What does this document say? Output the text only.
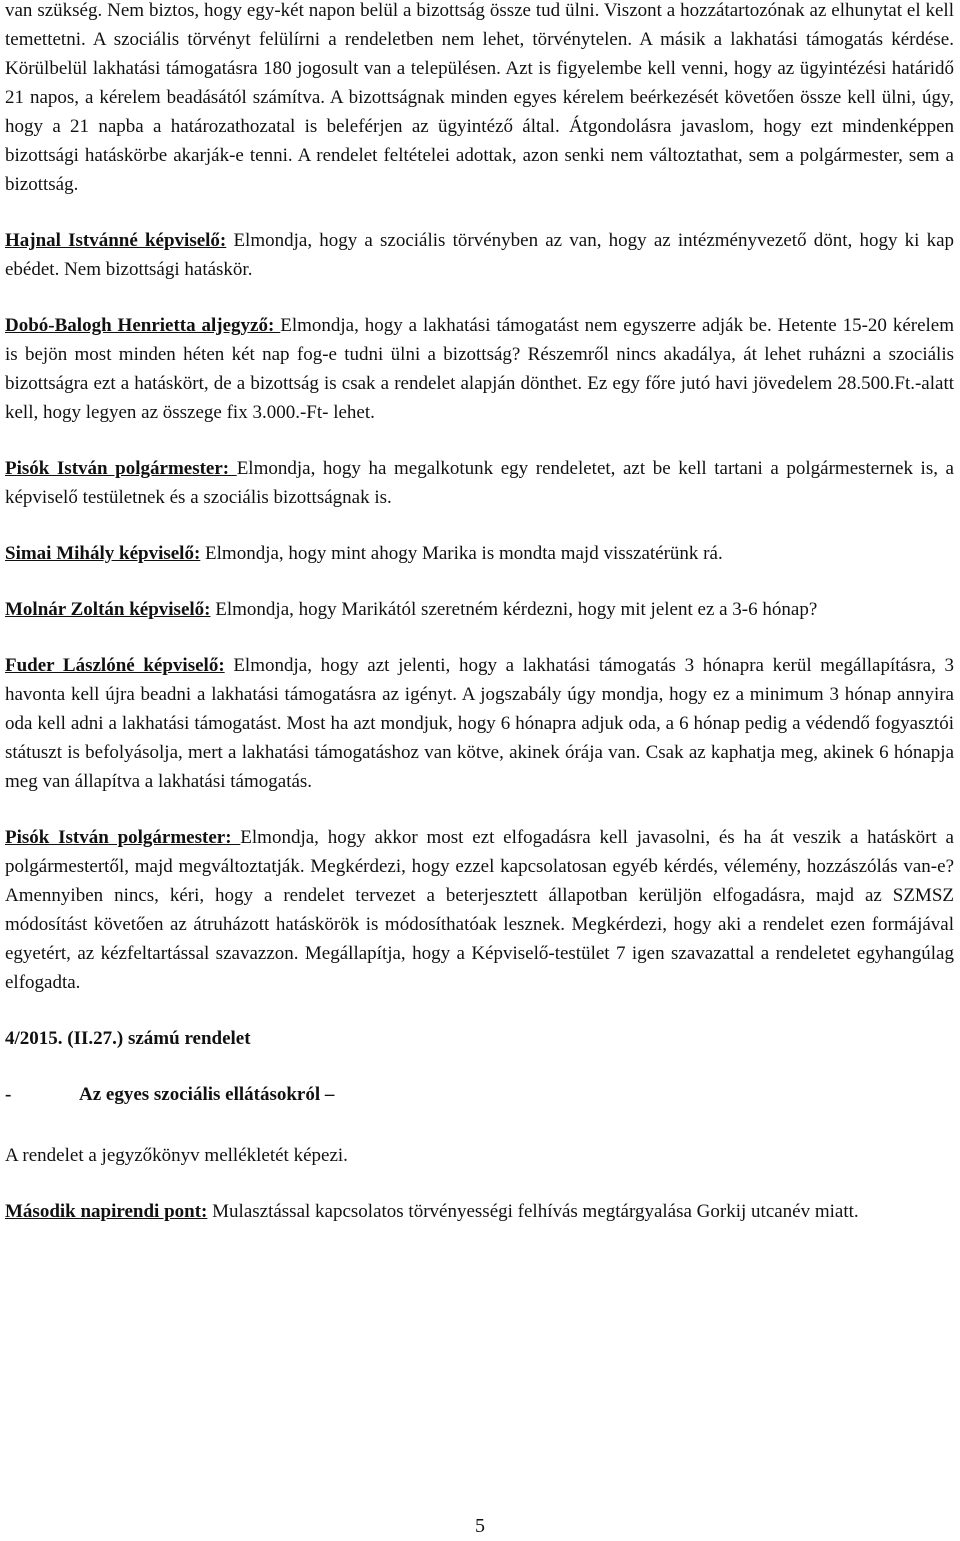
van szükség. Nem biztos, hogy egy-két napon belül a bizottság össze tud ülni. Viszont a hozzátartozónak az elhunytat el kell temettetni. A szociális törvényt felülírni a rendeletben nem lehet, törvénytelen. A másik a lakhatási támogatás kérdése. Körülbelül lakhatási támogatásra 180 jogosult van a településen. Azt is figyelembe kell venni, hogy az ügyintézési határidő 21 napos, a kérelem beadásától számítva. A bizottságnak minden egyes kérelem beérkezését követően össze kell ülni, úgy, hogy a 21 napba a határozathozatal is beleférjen az ügyintéző által. Átgondolásra javaslom, hogy ezt mindenképpen bizottsági hatáskörbe akarják-e tenni. A rendelet feltételei adottak, azon senki nem változtathat, sem a polgármester, sem a bizottság.

Hajnal Istvánné képviselő: Elmondja, hogy a szociális törvényben az van, hogy az intézményvezető dönt, hogy ki kap ebédet. Nem bizottsági hatáskör.

Dobó-Balogh Henrietta aljegyző: Elmondja, hogy a lakhatási támogatást nem egyszerre adják be. Hetente 15-20 kérelem is bejön most minden héten két nap fog-e tudni ülni a bizottság? Részemről nincs akadálya, át lehet ruházni a szociális bizottságra ezt a hatáskört, de a bizottság is csak a rendelet alapján dönthet. Ez egy főre jutó havi jövedelem 28.500.Ft.-alatt kell, hogy legyen az összege fix 3.000.-Ft- lehet.

Pisók István polgármester: Elmondja, hogy ha megalkotunk egy rendeletet, azt be kell tartani a polgármesternek is, a képviselő testületnek és a szociális bizottságnak is.

Simai Mihály képviselő: Elmondja, hogy mint ahogy Marika is mondta majd visszatérünk rá.

Molnár Zoltán képviselő: Elmondja, hogy Marikától szeretném kérdezni, hogy mit jelent ez a 3-6 hónap?

Fuder Lászlóné képviselő: Elmondja, hogy azt jelenti, hogy a lakhatási támogatás 3 hónapra kerül megállapításra, 3 havonta kell újra beadni a lakhatási támogatásra az igényt. A jogszabály úgy mondja, hogy ez a minimum 3 hónap annyira oda kell adni a lakhatási támogatást. Most ha azt mondjuk, hogy 6 hónapra adjuk oda, a 6 hónap pedig a védendő fogyasztói státuszt is befolyásolja, mert a lakhatási támogatáshoz van kötve, akinek órája van. Csak az kaphatja meg, akinek 6 hónapja meg van állapítva a lakhatási támogatás.

Pisók István polgármester: Elmondja, hogy akkor most ezt elfogadásra kell javasolni, és ha át veszik a hatáskört a polgármestertől, majd megváltoztatják. Megkérdezi, hogy ezzel kapcsolatosan egyéb kérdés, vélemény, hozzászólás van-e? Amennyiben nincs, kéri, hogy a rendelet tervezet a beterjesztett állapotban kerüljön elfogadásra, majd az SZMSZ módosítást követően az átruházott hatáskörök is módosíthatóak lesznek. Megkérdezi, hogy aki a rendelet ezen formájával egyetért, az kézfeltartással szavazzon. Megállapítja, hogy a Képviselő-testület 7 igen szavazattal a rendeletet egyhangúlag elfogadta.

4/2015. (II.27.) számú rendelet

-	Az egyes szociális ellátásokról –

A rendelet a jegyzőkönyv mellékletét képezi.

Második napirendi pont: Mulasztással kapcsolatos törvényességi felhívás megtárgyalása Gorkij utcanév miatt.

5
